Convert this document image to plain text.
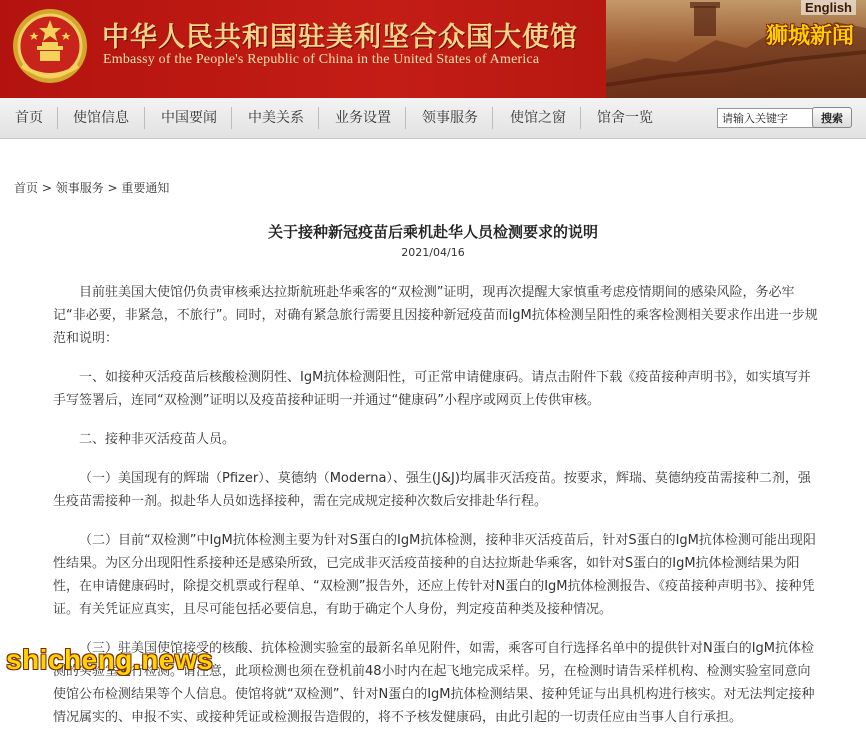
中华人民共和国驻美利坚合众国大使馆
Embassy of the People's Republic of China in the United States of America
English
狮城新闻
首页 使馆信息 中国要闻 中美关系 业务设置 领事服务 使馆之窗 馆舍一览
请输入关键字	搜索
首页 > 领事服务 > 重要通知
关于接种新冠疫苗后乘机赴华人员检测要求的说明
2021/04/16

目前驻美国大使馆仍负责审核乘达拉斯航班赴华乘客的“双检测”证明，现再次提醒大家慎重考虑疫情期间的感染风险，务必牢记“非必要，非紧急，不旅行”。同时，对确有紧急旅行需要且因接种新冠疫苗而IgM抗体检测呈阳性的乘客检测相关要求作出进一步规范和说明：

一、如接种灭活疫苗后核酸检测阴性、IgM抗体检测阳性，可正常申请健康码。请点击附件下载《疫苗接种声明书》，如实填写并手写签署后，连同“双检测”证明以及疫苗接种证明一并通过“健康码”小程序或网页上传供审核。

二、接种非灭活疫苗人员。

（一）美国现有的辉瑞（Pfizer）、莫德纳（Moderna）、强生(J&J)均属非灭活疫苗。按要求，辉瑞、莫德纳疫苗需接种二剂，强生疫苗需接种一剂。拟赴华人员如选择接种，需在完成规定接种次数后安排赴华行程。

（二）目前“双检测”中IgM抗体检测主要为针对S蛋白的IgM抗体检测，接种非灭活疫苗后，针对S蛋白的IgM抗体检测可能出现阳性结果。为区分出现阳性系接种还是感染所致，已完成非灭活疫苗接种的自达拉斯赴华乘客，如针对S蛋白的IgM抗体检测结果为阳性，在申请健康码时，除提交机票或行程单、“双检测”报告外，还应上传针对N蛋白的IgM抗体检测报告、《疫苗接种声明书》、接种凭证。有关凭证应真实，且尽可能包括必要信息，有助于确定个人身份，判定疫苗种类及接种情况。

（三）驻美国使馆接受的核酸、抗体检测实验室的最新名单见附件，如需，乘客可自行选择名单中的提供针对N蛋白的IgM抗体检测的实验室进行检测。请注意，此项检测也须在登机前48小时内在起飞地完成采样。另，在检测时请告采样机构、检测实验室同意向使馆公布检测结果等个人信息。使馆将就“双检测”、针对N蛋白的IgM抗体检测结果、接种凭证与出具机构进行核实。对无法判定接种情况属实的、申报不实、或接种凭证或检测报告造假的，将不予核发健康码，由此引起的一切责任应由当事人自行承担。

shicheng.news
